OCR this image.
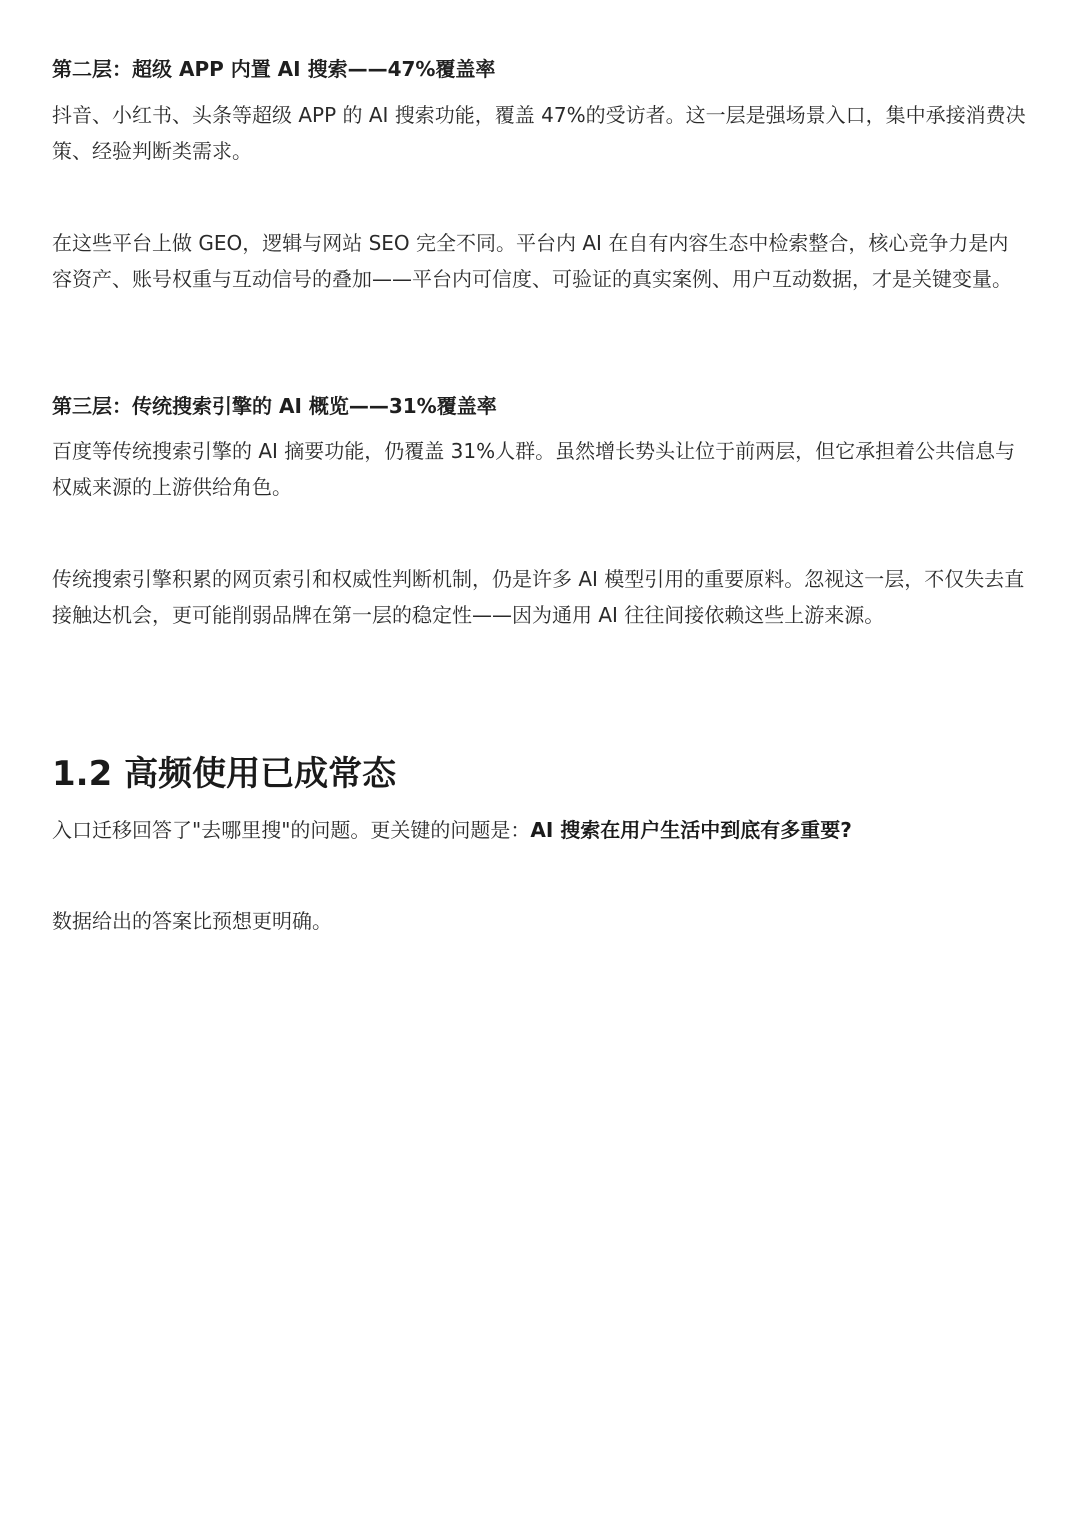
第二层：超级 APP 内置 AI 搜索——47%覆盖率

抖音、小红书、头条等超级 APP 的 AI 搜索功能，覆盖 47%的受访者。这一层是强场景入口，集中承接消费决策、经验判断类需求。

在这些平台上做 GEO，逻辑与网站 SEO 完全不同。平台内 AI 在自有内容生态中检索整合，核心竞争力是内容资产、账号权重与互动信号的叠加——平台内可信度、可验证的真实案例、用户互动数据，才是关键变量。

第三层：传统搜索引擎的 AI 概览——31%覆盖率

百度等传统搜索引擎的 AI 摘要功能，仍覆盖 31%人群。虽然增长势头让位于前两层，但它承担着公共信息与权威来源的上游供给角色。

传统搜索引擎积累的网页索引和权威性判断机制，仍是许多 AI 模型引用的重要原料。忽视这一层，不仅失去直接触达机会，更可能削弱品牌在第一层的稳定性——因为通用 AI 往往间接依赖这些上游来源。

1.2 高频使用已成常态

入口迁移回答了"去哪里搜"的问题。更关键的问题是：AI 搜索在用户生活中到底有多重要?

数据给出的答案比预想更明确。
